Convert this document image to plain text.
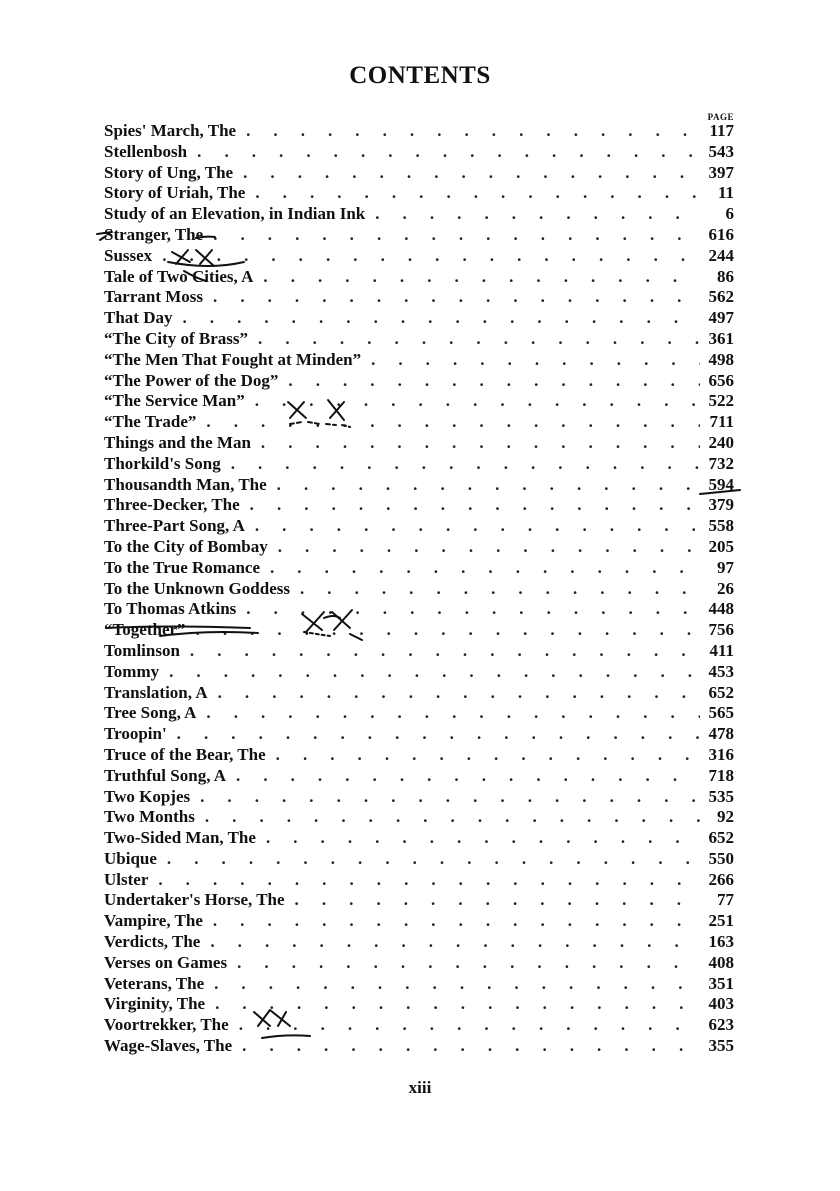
CONTENTS
PAGE
Spies' March, The . . .	117
Stellenbosh . . .	543
Story of Ung, The . . .	397
Story of Uriah, The . . .	11
Study of an Elevation, in Indian Ink . . .	6
Stranger, The . . .	616
Sussex . . .	244
Tale of Two Cities, A . . .	86
Tarrant Moss . . .	562
That Day . . .	497
“The City of Brass” . . .	361
“The Men That Fought at Minden” . . .	498
“The Power of the Dog” . . .	656
“The Service Man” . . .	522
“The Trade” . . .	711
Things and the Man . . .	240
Thorkild's Song . . .	732
Thousandth Man, The . . .	594
Three-Decker, The . . .	379
Three-Part Song, A . . .	558
To the City of Bombay . . .	205
To the True Romance . . .	97
To the Unknown Goddess . . .	26
To Thomas Atkins . . .	448
“Together” . . .	756
Tomlinson . . .	411
Tommy . . .	453
Translation, A . . .	652
Tree Song, A . . .	565
Troopin' . . .	478
Truce of the Bear, The . . .	316
Truthful Song, A . . .	718
Two Kopjes . . .	535
Two Months . . .	92
Two-Sided Man, The . . .	652
Ubique . . .	550
Ulster . . .	266
Undertaker's Horse, The . . .	77
Vampire, The . . .	251
Verdicts, The . . .	163
Verses on Games . . .	408
Veterans, The . . .	351
Virginity, The . . .	403
Voortrekker, The . . .	623
Wage-Slaves, The . . .	355
xiii
